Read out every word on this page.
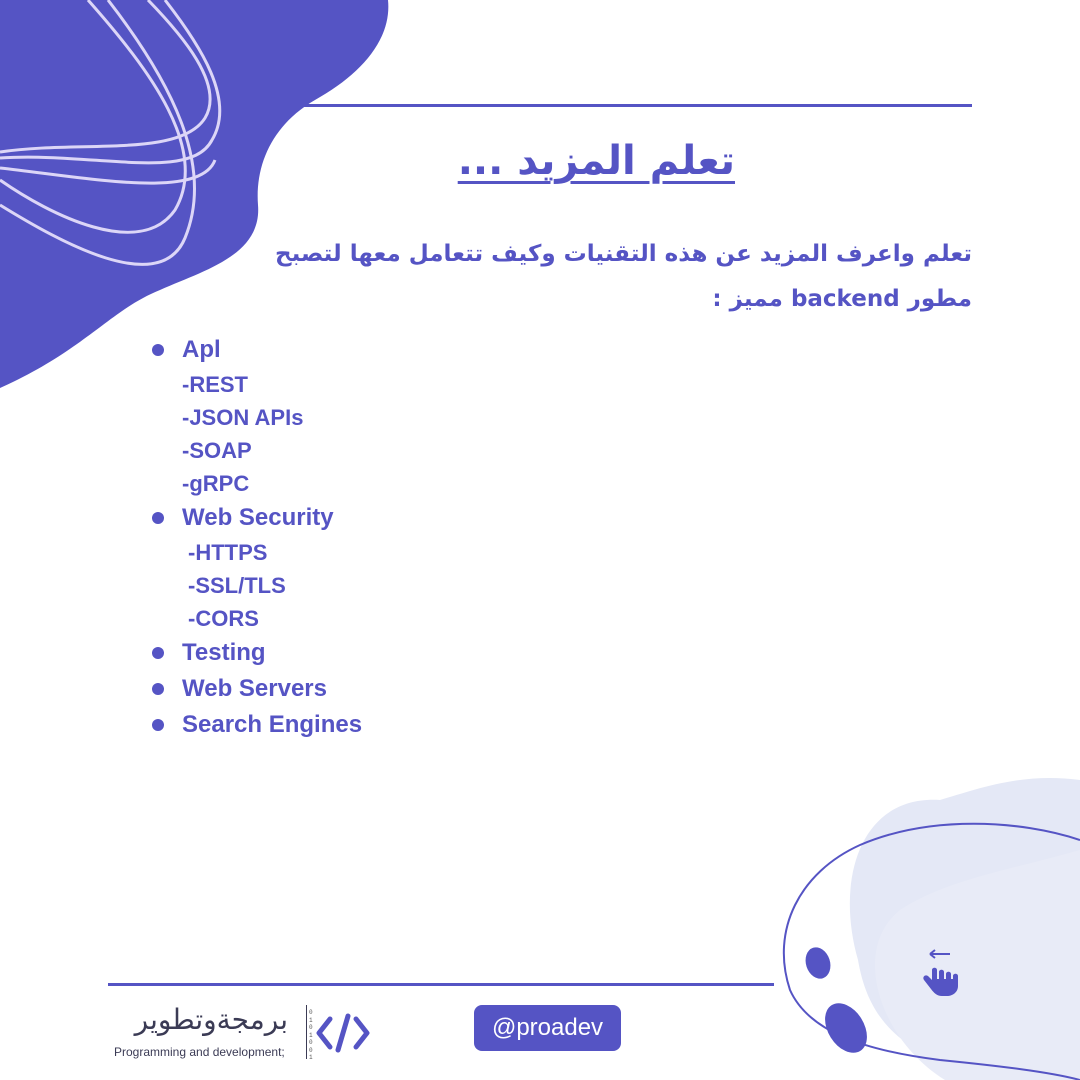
تعلم المزيد ...

تعلم واعرف المزيد عن هذه التقنيات وكيف تتعامل معها لتصبح مطور backend مميز :

Apl
-REST
-JSON APIs
-SOAP
-gRPC
Web Security
-HTTPS
-SSL/TLS
-CORS
Testing
Web Servers
Search Engines

برمجةوتطوير

Programming and development;

0101001
@proadev
